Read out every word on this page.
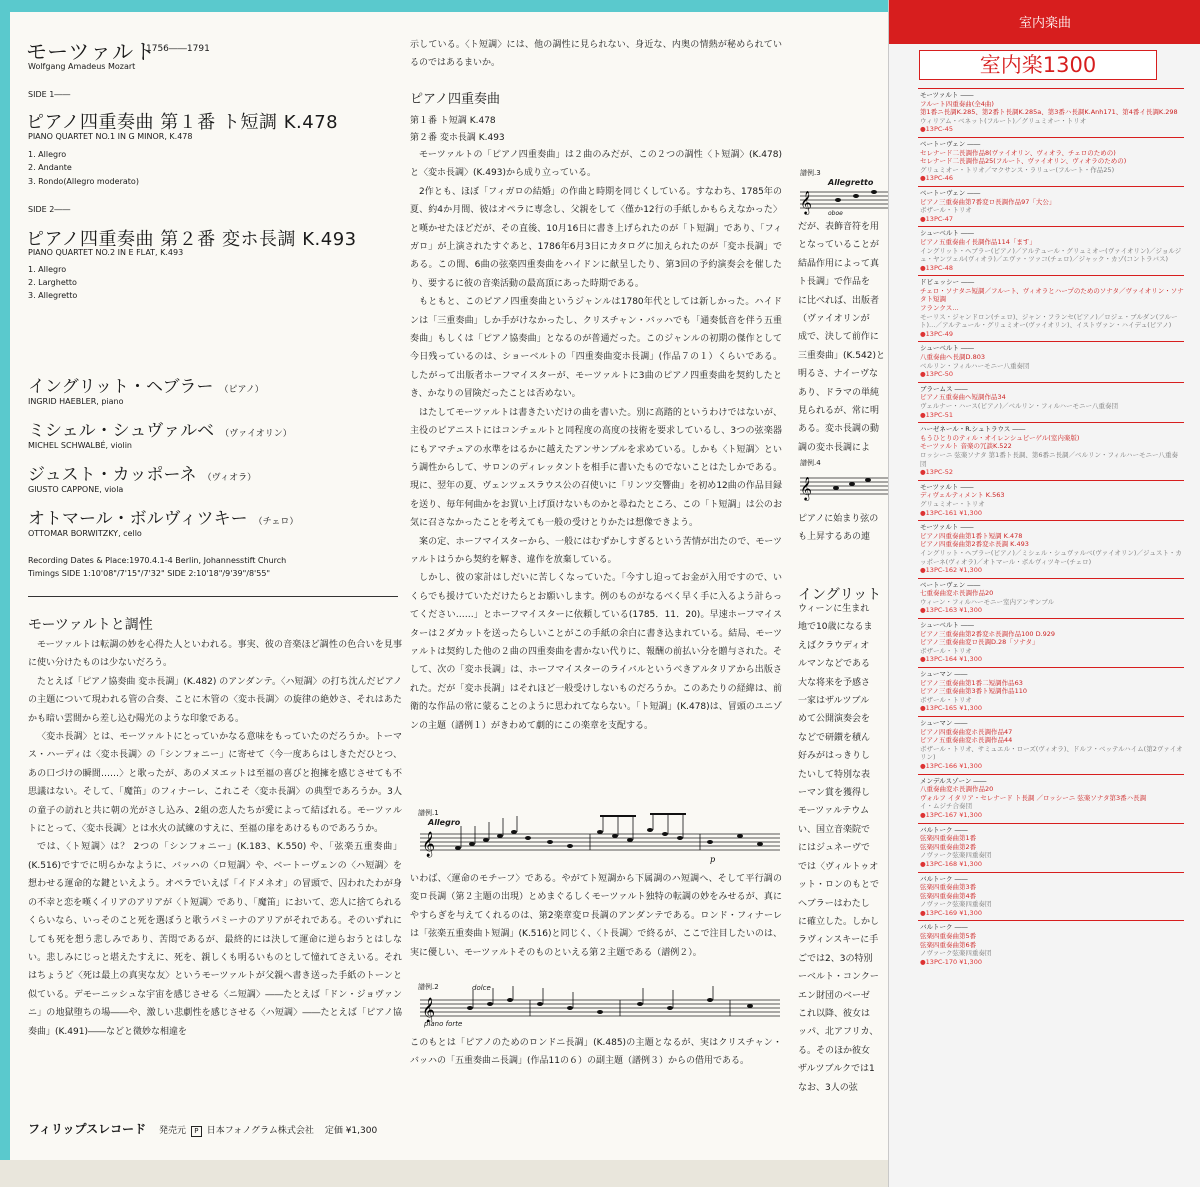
モーツァルト
1756――1791
Wolfgang Amadeus Mozart
SIDE 1――
ピアノ四重奏曲 第１番 ト短調 K.478
PIANO QUARTET NO.1 IN G MINOR, K.478
1. Allegro
2. Andante
3. Rondo(Allegro moderato)
SIDE 2――
ピアノ四重奏曲 第２番 変ホ長調 K.493
PIANO QUARTET NO.2 IN E FLAT, K.493
1. Allegro
2. Larghetto
3. Allegretto
イングリット・ヘブラー （ピアノ）
INGRID HAEBLER, piano
ミシェル・シュヴァルベ （ヴァイオリン）
MICHEL SCHWALBÉ, violin
ジュスト・カッポーネ （ヴィオラ）
GIUSTO CAPPONE, viola
オトマール・ボルヴィツキー （チェロ）
OTTOMAR BORWITZKY, cello
Recording Dates & Place:1970.4.1-4 Berlin, Johannesstift Church
Timings SIDE 1:10'08"/7'15"/7'32" SIDE 2:10'18"/9'39"/8'55"
モーツァルトと調性

モーツァルトは転調の妙を心得た人といわれる。事実、彼の音楽ほど調性の色合いを見事に使い分けたものは少ないだろう。

たとえば「ピアノ協奏曲 変ホ長調」(K.482) のアンダンテ。〈ハ短調〉の打ち沈んだピアノの主題について現われる管の合奏、ことに木管の〈変ホ長調〉の旋律の絶妙さ、それはあたかも暗い雲間から差し込む陽光のような印象である。

〈変ホ長調〉とは、モーツァルトにとっていかなる意味をもっていたのだろうか。トーマス・ハーディは〈変ホ長調〉の「シンフォニー」に寄せて〈今一度あらはしきただひとつ、あの口づけの瞬間……〉と歌ったが、あのメヌエットは至福の喜びと抱擁を感じさせても不思議はない。そして、「魔笛」のフィナーレ、これこそ〈変ホ長調〉の典型であろうか。3人の童子の訪れと共に朝の光がさし込み、2組の恋人たちが愛によって結ばれる。モーツァルトにとって、〈変ホ長調〉とは水火の試練のすえに、至福の扉をあけるものであろうか。

では、〈ト短調〉は？ 2つの「シンフォニー」(K.183、K.550) や、「弦楽五重奏曲」(K.516)ですでに明らかなように、バッハの〈ロ短調〉や、ベートーヴェンの〈ハ短調〉を想わせる運命的な鍵といえよう。オペラでいえば「イドメネオ」の冒頭で、囚われたわが身の不幸と恋を嘆くイリアのアリアが〈ト短調〉であり、「魔笛」において、恋人に捨てられるくらいなら、いっそのこと死を選ぼうと歌うパミーナのアリアがそれである。そのいずれにしても死を想う悲しみであり、苦悶であるが、最終的には決して運命に逆らおうとはしない。悲しみにじっと堪えたすえに、死を、親しくも明るいものとして憧れてさえいる。それはちょうど〈死は最上の真実な友〉というモーツァルトが父親へ書き送った手紙のトーンと似ている。デモーニッシュな宇宙を感じさせる〈ニ短調〉――たとえば「ドン・ジョヴァンニ」の地獄堕ちの場――や、激しい悲劇性を感じさせる〈ハ短調〉――たとえば「ピアノ協奏曲」(K.491)――などと微妙な相違を

示している。〈ト短調〉には、他の調性に見られない、身近な、内奥の情熱が秘められているのではあるまいか。

ピアノ四重奏曲
第１番 ト短調 K.478
第２番 変ホ長調 K.493

モーツァルトの「ピアノ四重奏曲」は２曲のみだが、この２つの調性〈ト短調〉(K.478)と〈変ホ長調〉(K.493)から成り立っている。

2作とも、ほぼ「フィガロの結婚」の作曲と時期を同じくしている。すなわち、1785年の夏、約4か月間、彼はオペラに専念し、父親をして〈僅か12行の手紙しかもらえなかった〉と嘆かせたほどだが、その直後、10月16日に書き上げられたのが「ト短調」であり、「フィガロ」が上演されたすぐあと、1786年6月3日にカタログに加えられたのが「変ホ長調」である。この間、6曲の弦楽四重奏曲をハイドンに献呈したり、第3回の予約演奏会を催したり、要するに彼の音楽活動の最高頂にあった時期である。

もともと、このピアノ四重奏曲というジャンルは1780年代としては新しかった。ハイドンは「三重奏曲」しか手がけなかったし、クリスチャン・バッハでも「通奏低音を伴う五重奏曲」もしくは「ピアノ協奏曲」となるのが普通だった。このジャンルの初期の傑作として今日残っているのは、ショーベルトの「四重奏曲変ホ長調」(作品７の１）くらいである。したがって出版者ホーフマイスターが、モーツァルトに3曲のピアノ四重奏曲を契約したとき、かなりの冒険だったことは否めない。

はたしてモーツァルトは書きたいだけの曲を書いた。別に高踏的というわけではないが、主役のピアニストにはコンチェルトと同程度の高度の技術を要求しているし、3つの弦楽器にもアマチュアの水準をはるかに越えたアンサンブルを求めている。しかも〈ト短調〉という調性からして、サロンのディレッタントを相手に書いたものでないことはたしかである。現に、翌年の夏、ヴェンツェスラウス公の召使いに「リンツ交響曲」を初め12曲の作品目録を送り、毎年何曲かをお買い上げ頂けないものかと尋ねたところ、この「ト短調」は公のお気に召さなかったことを考えても一般の受けとりかたは想像できよう。

案の定、ホーフマイスターから、一般にはむずかしすぎるという苦情が出たので、モーツァルトはうから契約を解き、違作を放棄している。

しかし、彼の家計はしだいに苦しくなっていた。「今すし迫ってお金が入用ですので、いくらでも援けていただけたらとお願いします。例のものがなるべく早く手に入るよう計らってください……」とホーフマイスターに依頼している(1785．11．20)。早速ホーフマイスターは２ダカットを送ったらしいことがこの手紙の余白に書き込まれている。結局、モーツァルトは契約した他の２曲の四重奏曲を書かない代りに、報酬の前払い分を贈与された。そして、次の「変ホ長調」は、ホーフマイスターのライバルというべきアルタリアから出版された。だが「変ホ長調」はそれほど一般受けしないものだろうか。このあたりの経緯は、前衛的な作品の常に蒙ることのように思われてならない。「ト短調」(K.478)は、冒頭のユニゾンの主題（譜例１）がきわめて劇的にこの楽章を支配する。

譜例.1
Allegro
𝄞
p

いわば、〈運命のモチーフ〉である。やがてト短調から下属調のハ短調へ、そして平行調の変ロ長調（第２主題の出現）とめまぐるしくモーツァルト独特の転調の妙をみせるが、真にやすらぎを与えてくれるのは、第2楽章変ロ長調のアンダンテである。ロンド・フィナーレは「弦楽五重奏曲ト短調」(K.516)と同じく、〈ト長調〉で終るが、ここで注目したいのは、実に優しい、モーツァルトそのものといえる第２主題である（譜例２）。

譜例.2	dolce
piano forte
𝄞

このもとは「ピアノのためのロンドニ長調」(K.485)の主題となるが、実はクリスチャン・バッハの「五重奏曲ニ長調」(作品11の６）の副主題（譜例３）からの借用である。

譜例.3
Allegretto
oboe
𝄞
だが、表飾音符を用
となっていることが
結晶作用によって真
ト長調」で作品を
に比べれば、出版者
（ヴァイオリンが
成で、決して前作に
三重奏曲」(K.542)と
明るさ、ナイーヴな
あり、ドラマの単純
見られるが、常に明
ある。変ホ長調の動
調の変ホ長調によ
譜例.4
𝄞
ピアノに始まり弦の
も上昇するあの連
イングリット
ウィーンに生まれ
地で10歳になるま
えばクラウディオ
ルマンなどである
大な将来を予感さ
一家はザルツブル
めて公開演奏会を
などで研鑚を積ん
好みがはっきりし
たいして特別な表
ーマン賞を獲得し
モーツァルテウム
い、国立音楽院で
にはジュネーヴで
では〈ヴィルトゥオ
ット・ロンのもとで
ヘブラーはわたし
に確立した。しかし
ラヴィンスキーに手
ごでは2、3の特別
ーベルト・コンクー
エン財団のベーゼ
これ以降、彼女は
ッパ、北アフリカ、
る。そのほか彼女
ザルツブルクでは1
なお、3人の弦
フィリップスレコード 発売元 P 日本フォノグラム株式会社 定価 ¥1,300
室内楽曲
室内楽1300
モーツァルト ――
フルート四重奏曲(全4曲)
第1番ニ長調K.285、第2番ト長調K.285a、第3番ハ長調K.Anh171、第4番イ長調K.298
ウィリアム・ベネット(フルート)／グリュミオー・トリオ
●13PC-45
ベートーヴェン ――
セレナード二長調作品8(ヴァイオリン、ヴィオラ、チェロのための)
セレナード二長調作品25(フルート、ヴァイオリン、ヴィオラのための)
グリュミオー・トリオ／マクサンス・ラリュー(フルート・作品25)
●13PC-46
ベートーヴェン ――
ピアノ三重奏曲第7番変ロ長調作品97「大公」
ボザール・トリオ
●13PC-47
シューベルト ――
ピアノ五重奏曲イ長調作品114「ます」
イングリット・ヘブラー(ピアノ)／アルテュール・グリュミオー(ヴァイオリン)／ジョルジュ・ヤンツェル(ヴィオラ)／エヴァ・ツァコ(チェロ)／ジャック・カゾ(コントラバス)
●13PC-48
ドビュッシー ――
チェロ・ソナタニ短調／フルート、ヴィオラとハープのためのソナタ／ヴァイオリン・ソナタト短調
フランクス…
モーリス・ジャンドロン(チェロ)、ジャン・フランセ(ピアノ)／ロジェ・ブルダン(フルート)…／アルテュール・グリュミオー(ヴァイオリン)、イストヴァン・ハイデュ(ピアノ)
●13PC-49
シューベルト ――
八重奏曲ヘ長調D.803
ベルリン・フィルハーモニー八重奏団
●13PC-50
ブラームス ――
ピアノ五重奏曲ヘ短調作品34
ヴェルナー・ハース(ピアノ)／ベルリン・フィルハーモニー八重奏団
●13PC-51
ハーゼネール・R.シュトラウス ――
もうひとりのティル・オイレンシュピーゲル(室内楽版)
モーツァルト 音楽の冗談K.522
ロッシーニ 弦楽ソナタ 第1番ト長調、第6番ニ長調／ベルリン・フィルハーモニー八重奏団
●13PC-52
モーツァルト ――
ディヴェルティメント K.563
グリュミオー・トリオ
●13PC-161 ¥1,300
モーツァルト ――
ピアノ四重奏曲第1番ト短調 K.478
ピアノ四重奏曲第2番変ホ長調 K.493
イングリット・ヘブラー(ピアノ)／ミシェル・シュヴァルベ(ヴァイオリン)／ジュスト・カッポーネ(ヴィオラ)／オトマール・ボルヴィツキー(チェロ)
●13PC-162 ¥1,300
ベートーヴェン ――
七重奏曲変ホ長調作品20
ウィーン・フィルハーモニー室内アンサンブル
●13PC-163 ¥1,300
シューベルト ――
ピアノ三重奏曲第2番変ホ長調作品100 D.929
ピアノ三重奏曲変ロ長調D.28「ソナタ」
ボザール・トリオ
●13PC-164 ¥1,300
シューマン ――
ピアノ三重奏曲第1番二短調作品63
ピアノ三重奏曲第3番ト短調作品110
ボザール・トリオ
●13PC-165 ¥1,300
シューマン ――
ピアノ四重奏曲変ホ長調作品47
ピアノ五重奏曲変ホ長調作品44
ボザール・トリオ、サミュエル・ローズ(ヴィオラ)、ドルフ・ベッテルハイム(第2ヴァイオリン)
●13PC-166 ¥1,300
メンデルスゾーン ――
八重奏曲変ホ長調作品20
ヴォルフ イタリア・セレナード ト長調 ／ロッシーニ 弦楽ソナタ第3番ハ長調
イ・ムジチ合奏団
●13PC-167 ¥1,300
バルトーク ――
弦楽四重奏曲第1番
弦楽四重奏曲第2番
ノヴァーク弦楽四重奏団
●13PC-168 ¥1,300
バルトーク ――
弦楽四重奏曲第3番
弦楽四重奏曲第4番
ノヴァーク弦楽四重奏団
●13PC-169 ¥1,300
バルトーク ――
弦楽四重奏曲第5番
弦楽四重奏曲第6番
ノヴァーク弦楽四重奏団
●13PC-170 ¥1,300
